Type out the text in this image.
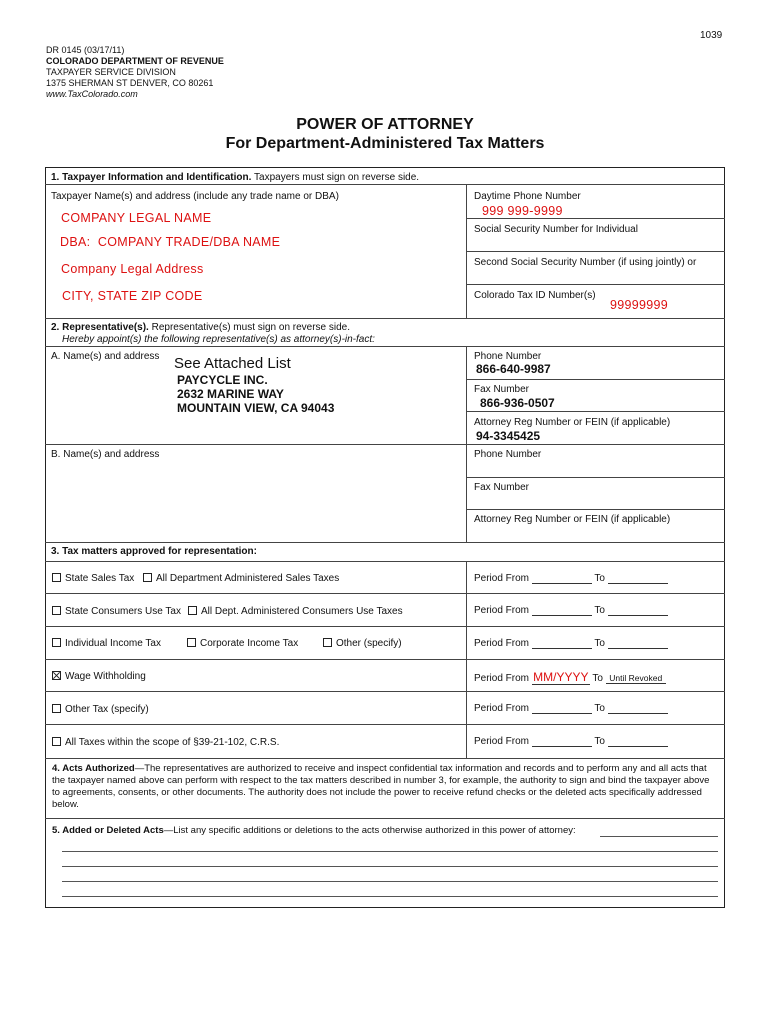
1039
DR 0145 (03/17/11)
COLORADO DEPARTMENT OF REVENUE
TAXPAYER SERVICE DIVISION
1375 SHERMAN ST DENVER, CO 80261
www.TaxColorado.com
POWER OF ATTORNEY
For Department-Administered Tax Matters
1. Taxpayer Information and Identification. Taxpayers must sign on reverse side.
Taxpayer Name(s) and address (include any trade name or DBA)
COMPANY LEGAL NAME
DBA: COMPANY TRADE/DBA NAME
Company Legal Address
CITY, STATE ZIP CODE
Daytime Phone Number
999 999-9999
Social Security Number for Individual
Second Social Security Number (if using jointly) or
Colorado Tax ID Number(s)
99999999
2. Representative(s). Representative(s) must sign on reverse side.
Hereby appoint(s) the following representative(s) as attorney(s)-in-fact:
A. Name(s) and address See Attached List
PAYCYCLE INC.
2632 MARINE WAY
MOUNTAIN VIEW, CA 94043
Phone Number
866-640-9987
Fax Number
866-936-0507
Attorney Reg Number or FEIN (if applicable)
94-3345425
B. Name(s) and address	Phone Number
Fax Number
Attorney Reg Number or FEIN (if applicable)
3. Tax matters approved for representation:
State Sales Tax	All Department Administered Sales Taxes	Period From	To
State Consumers Use Tax	All Dept. Administered Consumers Use Taxes	Period From	To
Individual Income Tax	Corporate Income Tax	Other (specify)	Period From	To
Wage Withholding	Period From MM/YYYY To Until Revoked
Other Tax (specify)	Period From	To
All Taxes within the scope of §39-21-102, C.R.S.	Period From	To
4. Acts Authorized—The representatives are authorized to receive and inspect confidential tax information and records and to perform any and all acts that the taxpayer named above can perform with respect to the tax matters described in number 3, for example, the authority to sign and bind the taxpayer above to agreements, consents, or other documents. The authority does not include the power to receive refund checks or the deleted acts specifically addressed below.
5. Added or Deleted Acts—List any specific additions or deletions to the acts otherwise authorized in this power of attorney:
